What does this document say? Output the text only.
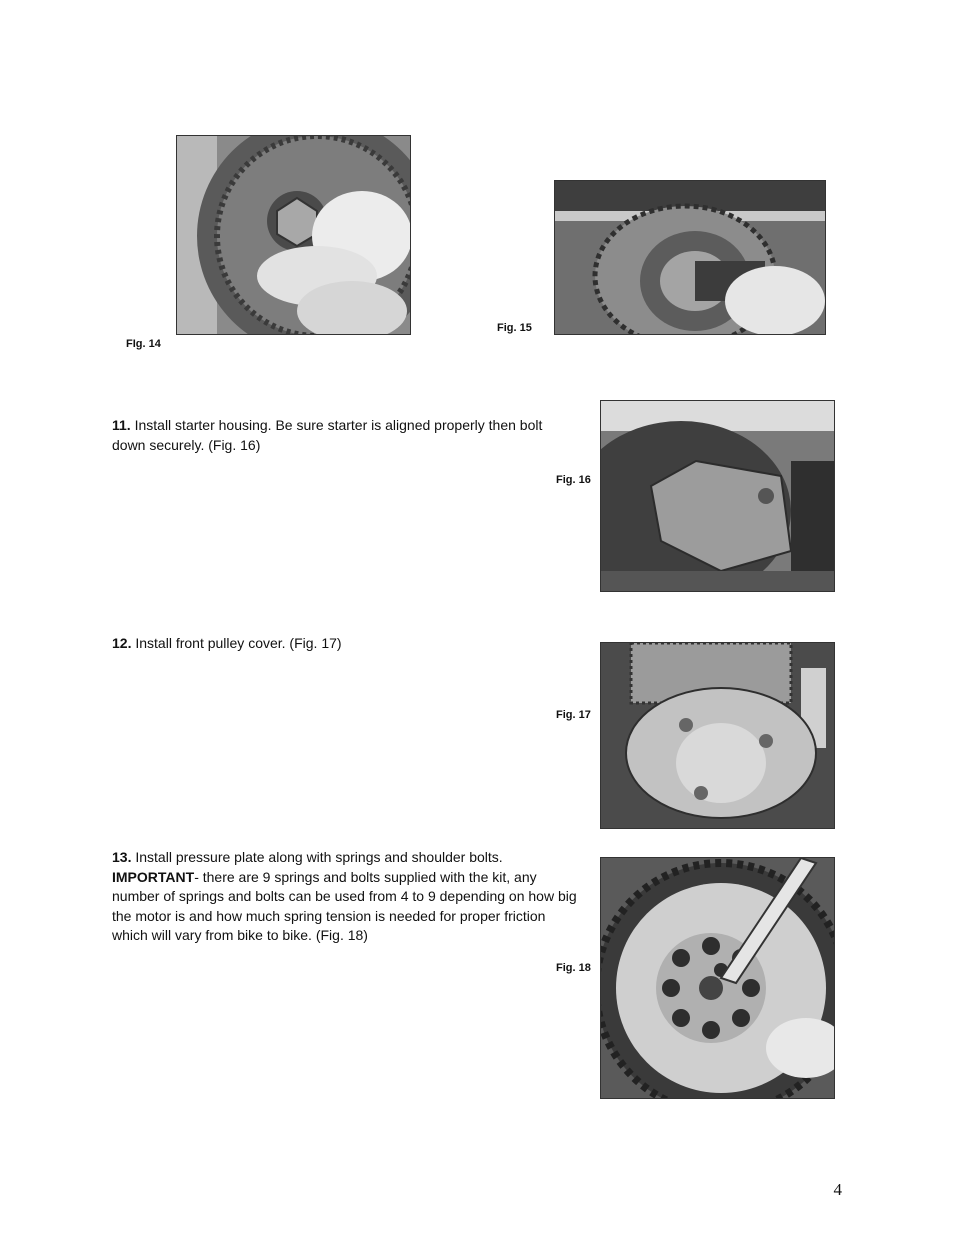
FIg. 14
Fig. 15
11. Install starter housing. Be sure starter is aligned properly then bolt down securely. (Fig. 16)
Fig. 16
12. Install front pulley cover. (Fig. 17)
Fig. 17
13. Install pressure plate along with springs and shoulder bolts.
IMPORTANT- there are 9 springs and bolts supplied with the kit, any number of springs and bolts can be used from 4 to 9 depending on how big the motor is and how much spring tension is needed for proper friction which will vary from bike to bike. (Fig. 18)
Fig. 18
4
